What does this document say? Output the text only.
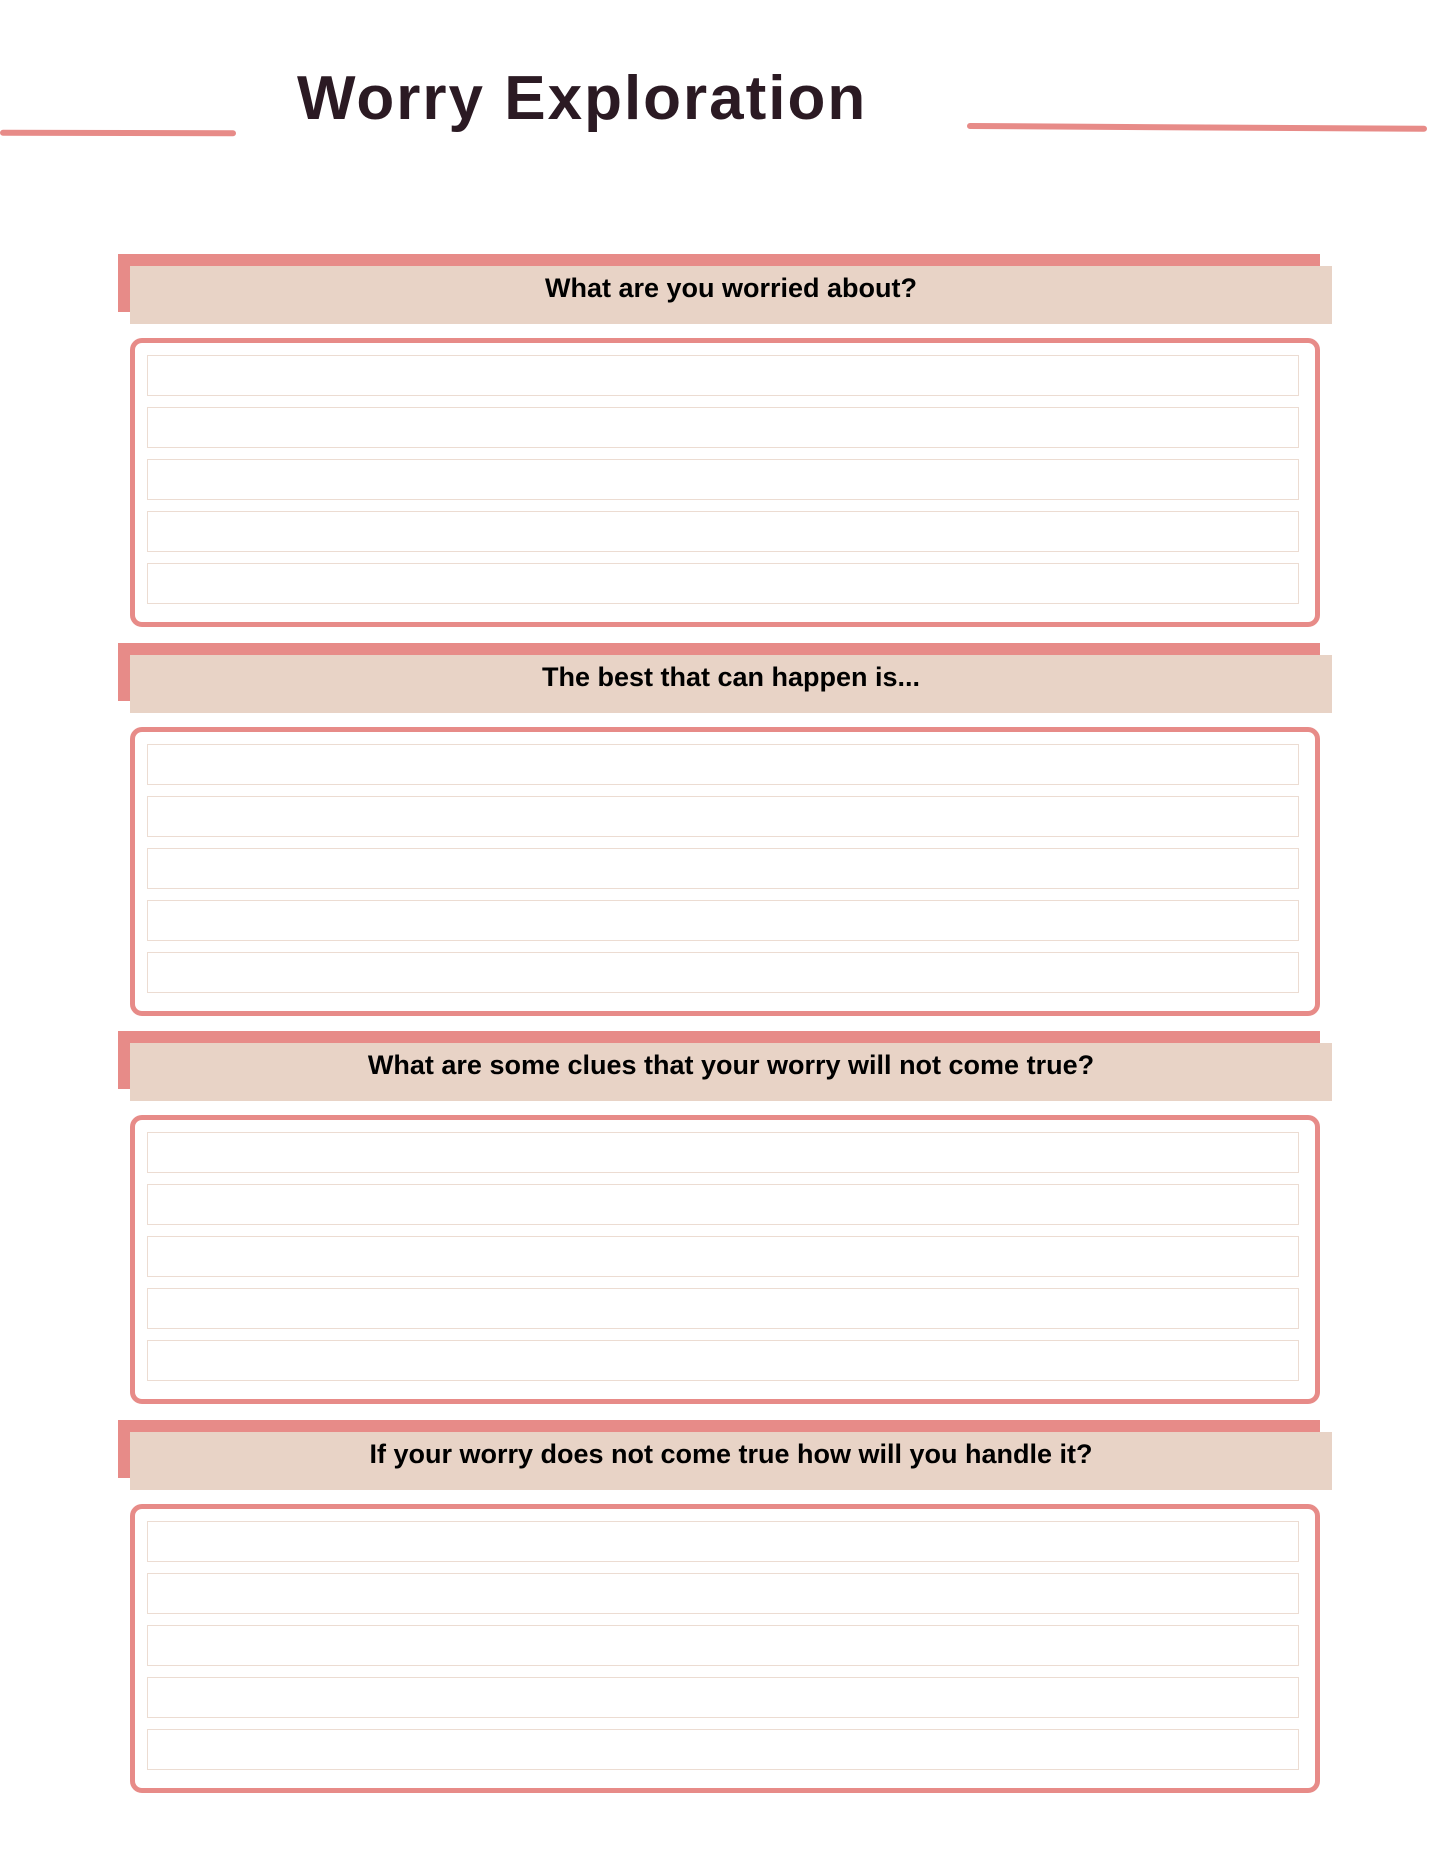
Worry Exploration
What are you worried about?
The best that can happen is...
What are some clues that your worry will not come true?
If your worry does not come true how will you handle it?
